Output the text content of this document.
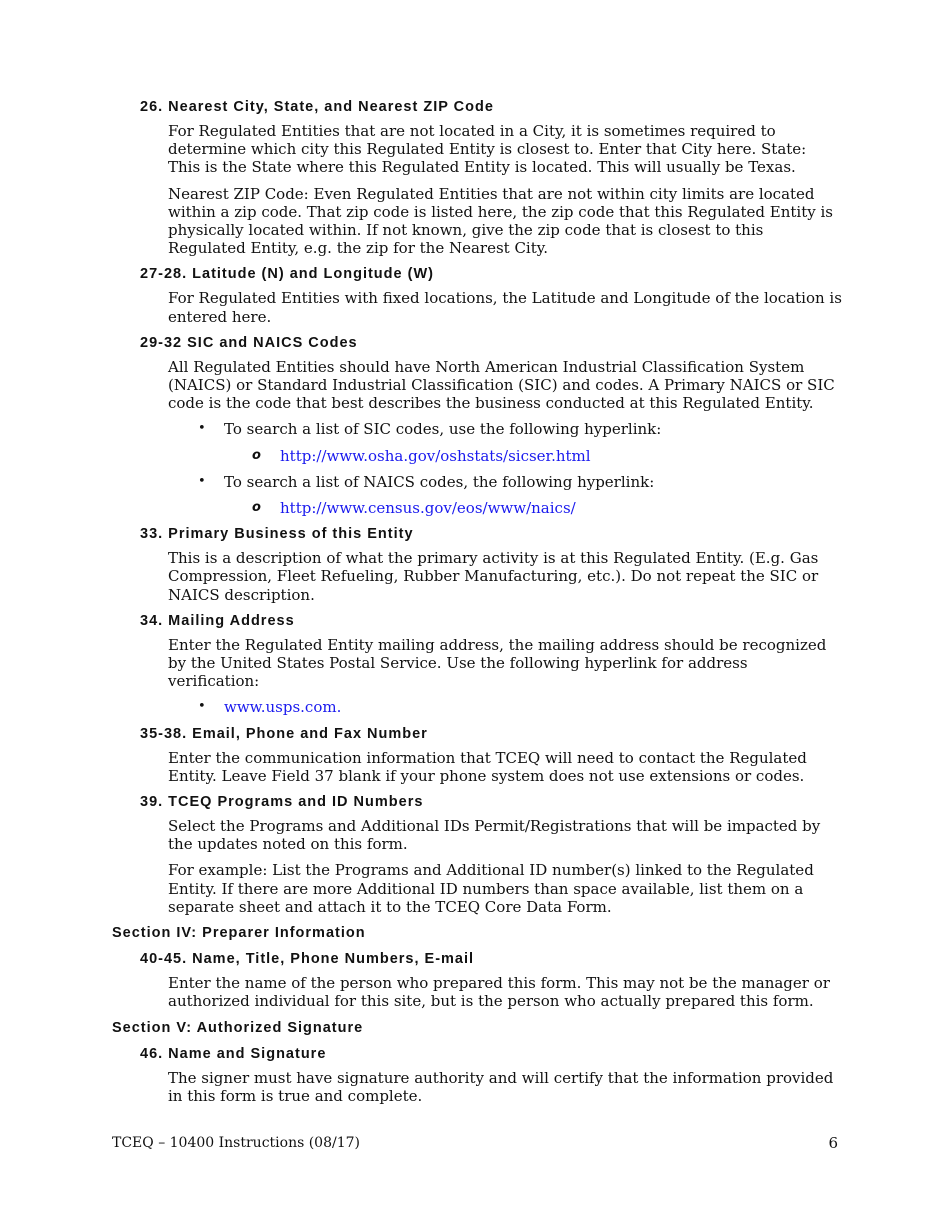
26. Nearest City, State, and Nearest ZIP Code

For Regulated Entities that are not located in a City, it is sometimes required to determine which city this Regulated Entity is closest to. Enter that City here. State: This is the State where this Regulated Entity is located. This will usually be Texas.

Nearest ZIP Code: Even Regulated Entities that are not within city limits are located within a zip code. That zip code is listed here, the zip code that this Regulated Entity is physically located within. If not known, give the zip code that is closest to this Regulated Entity, e.g. the zip for the Nearest City.

27-28. Latitude (N) and Longitude (W)

For Regulated Entities with fixed locations, the Latitude and Longitude of the location is entered here.

29-32 SIC and NAICS Codes

All Regulated Entities should have North American Industrial Classification System (NAICS) or Standard Industrial Classification (SIC) and codes. A Primary NAICS or SIC code is the code that best describes the business conducted at this Regulated Entity.

• To search a list of SIC codes, use the following hyperlink:
o http://www.osha.gov/oshstats/sicser.html
• To search a list of NAICS codes, the following hyperlink:
o http://www.census.gov/eos/www/naics/
33. Primary Business of this Entity

This is a description of what the primary activity is at this Regulated Entity. (E.g. Gas Compression, Fleet Refueling, Rubber Manufacturing, etc.). Do not repeat the SIC or NAICS description.

34. Mailing Address

Enter the Regulated Entity mailing address, the mailing address should be recognized by the United States Postal Service. Use the following hyperlink for address verification:

• www.usps.com.
35-38. Email, Phone and Fax Number

Enter the communication information that TCEQ will need to contact the Regulated Entity. Leave Field 37 blank if your phone system does not use extensions or codes.

39. TCEQ Programs and ID Numbers

Select the Programs and Additional IDs Permit/Registrations that will be impacted by the updates noted on this form.

For example: List the Programs and Additional ID number(s) linked to the Regulated Entity. If there are more Additional ID numbers than space available, list them on a separate sheet and attach it to the TCEQ Core Data Form.

Section IV: Preparer Information
40-45. Name, Title, Phone Numbers, E-mail

Enter the name of the person who prepared this form. This may not be the manager or authorized individual for this site, but is the person who actually prepared this form.

Section V: Authorized Signature
46. Name and Signature

The signer must have signature authority and will certify that the information provided in this form is true and complete.

TCEQ – 10400 Instructions (08/17)	6
